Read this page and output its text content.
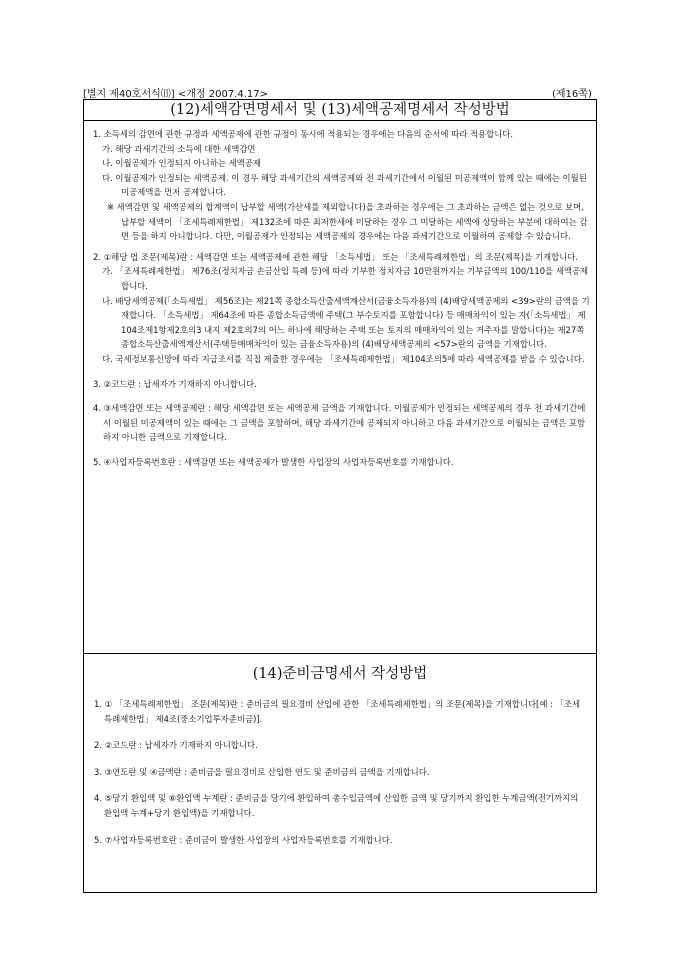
[별지 제40호서식⑾] <개정 2007.4.17>	(제16쪽)
(12)세액감면명세서 및 (13)세액공제명세서 작성방법

1. 소득세의 감면에 관한 규정과 세액공제에 관한 규정이 동시에 적용되는 경우에는 다음의 순서에 따라 적용합니다.

가. 해당 과세기간의 소득에 대한 세액감면

나. 이월공제가 인정되지 아니하는 세액공제

다. 이월공제가 인정되는 세액공제. 이 경우 해당 과세기간의 세액공제와 전 과세기간에서 이월된 미공제액이 함께 있는 때에는 이월된 미공제액을 먼저 공제합니다.

※ 세액감면 및 세액공제의 합계액이 납부할 세액(가산세를 제외합니다)을 초과하는 경우에는 그 초과하는 금액은 없는 것으로 보며, 납부할 세액이 「조세특례제한법」 제132조에 따른 최저한세에 미달하는 경우 그 미달하는 세액에 상당하는 부분에 대하여는 감면 등을 하지 아니합니다. 다만, 이월공제가 인정되는 세액공제의 경우에는 다음 과세기간으로 이월하여 공제할 수 있습니다.

2. ①해당 법 조문(제목)란 : 세액감면 또는 세액공제에 관한 해당 「소득세법」 또는 「조세특례제한법」의 조문(제목)을 기재합니다.

가. 「조세특례제한법」 제76조(정치자금 손금산입 특례 등)에 따라 기부한 정치자금 10만원까지는 기부금액의 100/110을 세액공제합니다.

나. 배당세액공제(「소득세법」 제56조)는 제21쪽 종합소득산출세액계산서(금융소득자용)의 (4)배당세액공제의 <39>란의 금액을 기재합니다. 「소득세법」 제64조에 따른 종합소득금액에 주택(그 부수토지를 포함합니다) 등 매매차익이 있는 자(「소득세법」 제104조제1항제2호의3 내지 제2호의7의 어느 하나에 해당하는 주택 또는 토지의 매매차익이 있는 거주자를 말합니다)는 제27쪽 종합소득산출세액계산서(주택등매매차익이 있는 금융소득자용)의 (4)배당세액공제의 <57>란의 금액을 기재합니다.

다. 국세정보통신망에 따라 지급조서를 직접 제출한 경우에는 「조세특례제한법」 제104조의5에 따라 세액공제를 받을 수 있습니다.

3. ②코드란 : 납세자가 기재하지 아니합니다.

4. ③세액감면 또는 세액공제란 : 해당 세액감면 또는 세액공제 금액을 기재합니다. 이월공제가 인정되는 세액공제의 경우 전 과세기간에서 이월된 미공제액이 있는 때에는 그 금액을 포함하며, 해당 과세기간에 공제되지 아니하고 다음 과세기간으로 이월되는 금액은 포함하지 아니한 금액으로 기재합니다.

5. ④사업자등록번호란 : 세액감면 또는 세액공제가 발생한 사업장의 사업자등록번호를 기재합니다.

(14)준비금명세서 작성방법

1. ① 「조세특례제한법」 조문(제목)란 : 준비금의 필요경비 산입에 관한 「조세특례제한법」의 조문(제목)을 기재합니다[예 : 「조세특례제한법」 제4조(중소기업투자준비금)].

2. ②코드란 : 납세자가 기재하지 아니합니다.

3. ③연도란 및 ④금액란 : 준비금을 필요경비로 산입한 연도 및 준비금의 금액을 기재합니다.

4. ⑤당기 환입액 및 ⑥환입액 누계란 : 준비금을 당기에 환입하여 총수입금액에 산입한 금액 및 당기까지 환입한 누계금액(전기까지의 환입액 누계+당기 환입액)을 기재합니다.

5. ⑦사업자등록번호란 : 준비금이 발생한 사업장의 사업자등록번호를 기재합니다.
